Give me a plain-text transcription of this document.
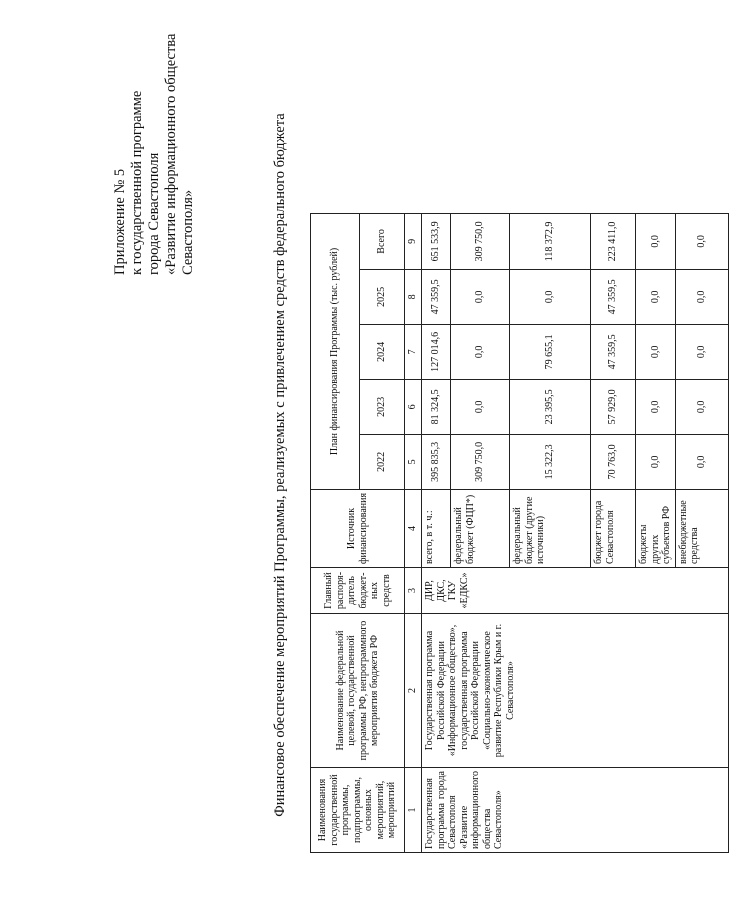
Приложение № 5 к государственной программе города Севастополя «Развитие информационного общества Севастополя»	Финансовое обеспечение мероприятий Программы, реализуемых с привлечением средств федерального бюджета	Наименования государственной программы, подпрограммы, основных мероприятий, мероприятий	Наименование федеральной целевой, государственной программы РФ, непрограммного мероприятия бюджета РФ	Главный распоря-дитель бюджет-ных средств	Источник финансирования	План финансирования Программы (тыс. рублей)				
				2022	2023	2024	2025	Всего
1	2	3	4	5	6	7	8	9
Государственная программа города Севастополя «Развитие информационного общества Севастополя»	Государственная программа Российской Федерации «Информационное общество», государственная программа Российской Федерации «Социально-экономическое развитие Республики Крым и г. Севастополя»	ДИР, ДКС, ГКУ «ЕДКС»	всего, в т. ч.:	395 835,3	81 324,5	127 014,6	47 359,5	651 533,9
			федеральный бюджет (ФЦП*)	309 750,0	0,0	0,0	0,0	309 750,0
			федеральный бюджет (другие источники)	15 322,3	23 395,5	79 655,1	0,0	118 372,9
			бюджет города Севастополя	70 763,0	57 929,0	47 359,5	47 359,5	223 411,0
			бюджеты других субъектов РФ	0,0	0,0	0,0	0,0	0,0
			внебюджетные средства	0,0	0,0	0,0	0,0	0,0
